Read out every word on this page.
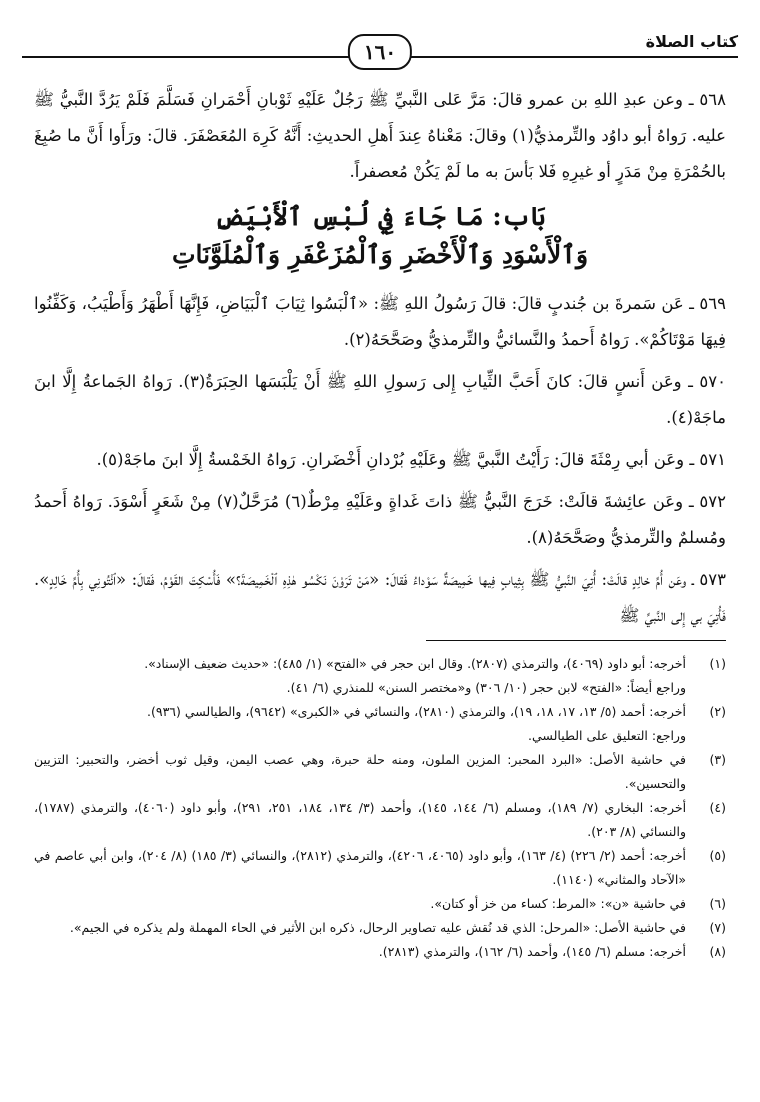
كتاب الصلاة
١٦٠

٥٦٨ ـ وعن عبدِ اللهِ بن عمرو قالَ: مَرَّ عَلى النَّبيِّ ﷺ رَجُلٌ عَلَيْهِ ثَوْبانِ أَحْمَرانِ فَسَلَّمَ فَلَمْ يَرُدَّ النَّبيُّ ﷺ عليه. رَواهُ أبو داوُد والتِّرمذيُّ(١) وقالَ: مَعْناهُ عِندَ أَهلِ الحديثِ: أَنَّهُ كَرِهَ المُعَصْفَرَ. قالَ: ورَأَوا أَنَّ ما صُبِغَ بالحُمْرَةِ مِنْ مَدَرٍ أو غيرِهِ فَلا بَأسَ به ما لَمْ يَكُنْ مُعصفراً.

بَاب: مَا جَاءَ فِي لُبْسِ ٱلْأَبْيَضِ
وَٱلْأَسْوَدِ وَٱلْأَخْضَرِ وَٱلْمُزَعْفَرِ وَٱلْمُلَوَّنَاتِ

٥٦٩ ـ عَن سَمرةَ بن جُندبٍ قالَ: قالَ رَسُولُ اللهِ ﷺ: «ٱلْبَسُوا ثِيَابَ ٱلْبَيَاضِ، فَإِنَّهَا أَطْهَرُ وَأَطْيَبُ، وَكَفِّنُوا فِيهَا مَوْتَاكُمْ». رَواهُ أَحمدُ والنَّسائيُّ والتِّرمذيُّ وصَحَّحَهُ(٢).

٥٧٠ ـ وعَن أَنسٍ قالَ: كانَ أَحَبَّ الثِّيابِ إِلى رَسولِ اللهِ ﷺ أَنْ يَلْبَسَها الحِبَرَةُ(٣). رَواهُ الجَماعةُ إِلَّا ابنَ ماجَهْ(٤).

٥٧١ ـ وعَن أبي رِمْثَةَ قالَ: رَأَيْتُ النَّبيَّ ﷺ وعَلَيْهِ بُرْدانِ أَخْضَرانِ. رَواهُ الخَمْسةُ إِلَّا ابنَ ماجَهْ(٥).

٥٧٢ ـ وعَن عائِشةَ قالَتْ: خَرَجَ النَّبيُّ ﷺ ذاتَ غَداةٍ وعَلَيْهِ مِرْطٌ(٦) مُرَحَّلٌ(٧) مِنْ شَعَرٍ أَسْوَدَ. رَواهُ أَحمدُ ومُسلمٌ والتِّرمذيُّ وصَحَّحَهُ(٨).

٥٧٣ ـ وعَن أُمِّ خالِدٍ قالَتْ: أُتِيَ النَّبيُّ ﷺ بِثِيابٍ فِيها خَمِيصَةٌ سَوْداءُ فَقالَ: «مَنْ تَرَوْنَ نَكْسُو هٰذِهِ ٱلْخَمِيصَةَ؟» فَأُسْكِتَ القَوْمُ، فَقالَ: «ٱئْتُونِي بِأُمِّ خَالِدٍ». فَأُتِيَ بي إِلى النَّبيِّ ﷺ

(١)
أخرجه: أبو داود (٤٠٦٩)، والترمذي (٢٨٠٧). وقال ابن حجر في «الفتح» (١/ ٤٨٥): «حديث ضعيف الإسناد».
وراجع أيضاً: «الفتح» لابن حجر (١٠/ ٣٠٦) و«مختصر السنن» للمنذري (٦/ ٤١).
(٢)
أخرجه: أحمد (٥/ ١٣، ١٧، ١٨، ١٩)، والترمذي (٢٨١٠)، والنسائي في «الكبرى» (٩٦٤٢)، والطيالسي (٩٣٦).
وراجع: التعليق على الطيالسي.
(٣)
في حاشية الأصل: «البرد المحبر: المزين الملون، ومنه حلة حبرة، وهي عصب اليمن، وقيل ثوب أخضر، والتحبير: التزيين والتحسين».
(٤)
أخرجه: البخاري (٧/ ١٨٩)، ومسلم (٦/ ١٤٤، ١٤٥)، وأحمد (٣/ ١٣٤، ١٨٤، ٢٥١، ٢٩١)، وأبو داود (٤٠٦٠)، والترمذي (١٧٨٧)، والنسائي (٨/ ٢٠٣).
(٥)
أخرجه: أحمد (٢/ ٢٢٦) (٤/ ١٦٣)، وأبو داود (٤٠٦٥، ٤٢٠٦)، والترمذي (٢٨١٢)، والنسائي (٣/ ١٨٥) (٨/ ٢٠٤)، وابن أبي عاصم في «الآحاد والمثاني» (١١٤٠).
(٦)
في حاشية «ن»: «المرط: كساء من خز أو كتان».
(٧)
في حاشية الأصل: «المرحل: الذي قد نُقش عليه تصاوير الرحال، ذكره ابن الأثير في الحاء المهملة ولم يذكره في الجيم».
(٨)
أخرجه: مسلم (٦/ ١٤٥)، وأحمد (٦/ ١٦٢)، والترمذي (٢٨١٣).
